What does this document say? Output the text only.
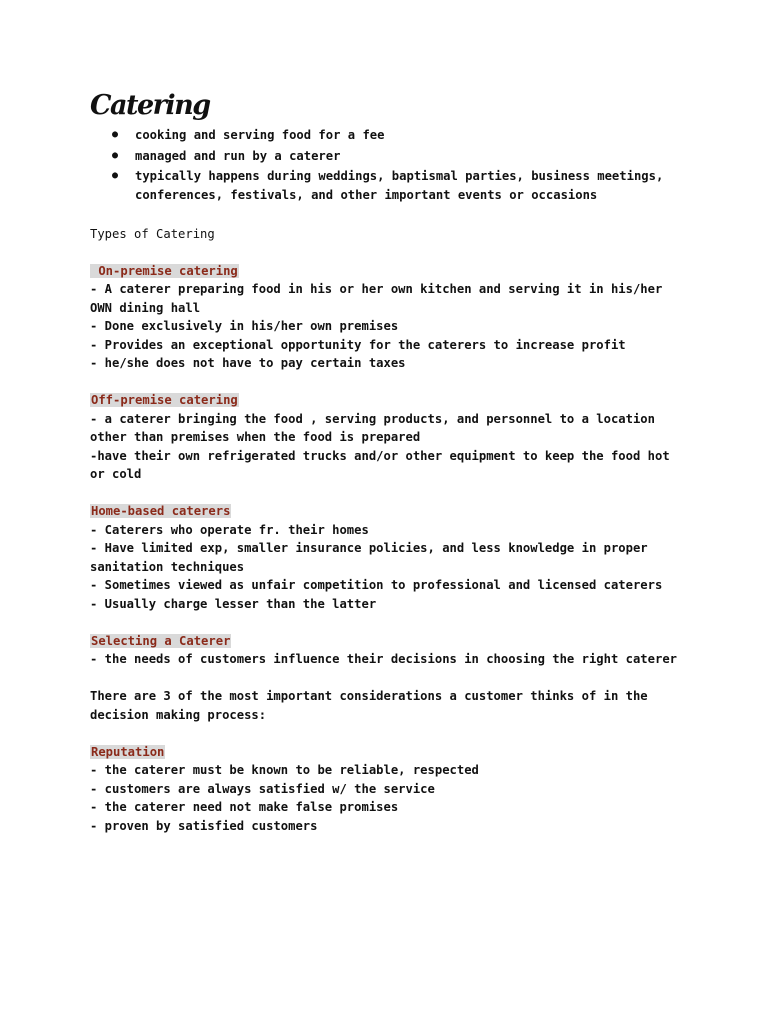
Catering
● cooking and serving food for a fee
● managed and run by a caterer
● typically happens during weddings, baptismal parties, business meetings, conferences, festivals, and other important events or occasions
Types of Catering
On-premise catering
- A caterer preparing food in his or her own kitchen and serving it in his/her OWN dining hall
- Done exclusively in his/her own premises
- Provides an exceptional opportunity for the caterers to increase profit
- he/she does not have to pay certain taxes
Off-premise catering
- a caterer bringing the food , serving products, and personnel to a location other than premises when the food is prepared
-have their own refrigerated trucks and/or other equipment to keep the food hot or cold
Home-based caterers
- Caterers who operate fr. their homes
- Have limited exp, smaller insurance policies, and less knowledge in proper sanitation techniques
- Sometimes viewed as unfair competition to professional and licensed caterers
- Usually charge lesser than the latter
Selecting a Caterer
- the needs of customers influence their decisions in choosing the right caterer
There are 3 of the most important considerations a customer thinks of in the decision making process:
Reputation
- the caterer must be known to be reliable, respected
- customers are always satisfied w/ the service
- the caterer need not make false promises
- proven by satisfied customers
